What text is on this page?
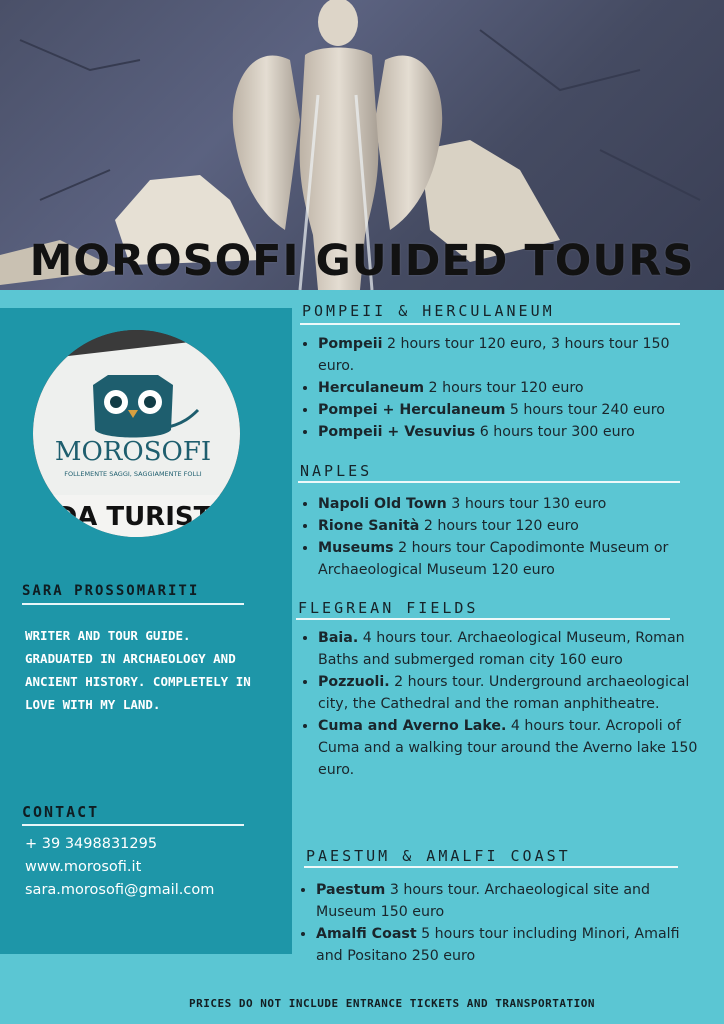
MOROSOFI GUIDED TOURS
MOROSOFI
FOLLEMENTE SAGGI, SAGGIAMENTE FOLLI
IDA TURISTIC
SARA PROSSOMARITI

WRITER AND TOUR GUIDE. GRADUATED IN ARCHAEOLOGY AND ANCIENT HISTORY. COMPLETELY IN LOVE WITH MY LAND.

CONTACT
+ 39 3498831295
www.morosofi.it
sara.morosofi@gmail.com
POMPEII & HERCULANEUM
• Pompeii 2 hours tour 120 euro, 3 hours tour 150 euro.
• Herculaneum 2 hours tour 120 euro
• Pompei + Herculaneum 5 hours tour 240 euro
• Pompeii + Vesuvius 6 hours tour 300 euro
NAPLES
• Napoli Old Town 3 hours tour 130 euro
• Rione Sanità 2 hours tour 120 euro
• Museums 2 hours tour Capodimonte Museum or Archaeological Museum 120 euro
FLEGREAN FIELDS
• Baia. 4 hours tour. Archaeological Museum, Roman Baths and submerged roman city 160 euro
• Pozzuoli. 2 hours tour. Underground archaeological city, the Cathedral and the roman anphitheatre.
• Cuma and Averno Lake. 4 hours tour. Acropoli of Cuma and a walking tour around the Averno lake 150 euro.
PAESTUM & AMALFI COAST
• Paestum 3 hours tour. Archaeological site and Museum 150 euro
• Amalfi Coast 5 hours tour including Minori, Amalfi and Positano 250 euro

PRICES DO NOT INCLUDE ENTRANCE TICKETS AND TRANSPORTATION
